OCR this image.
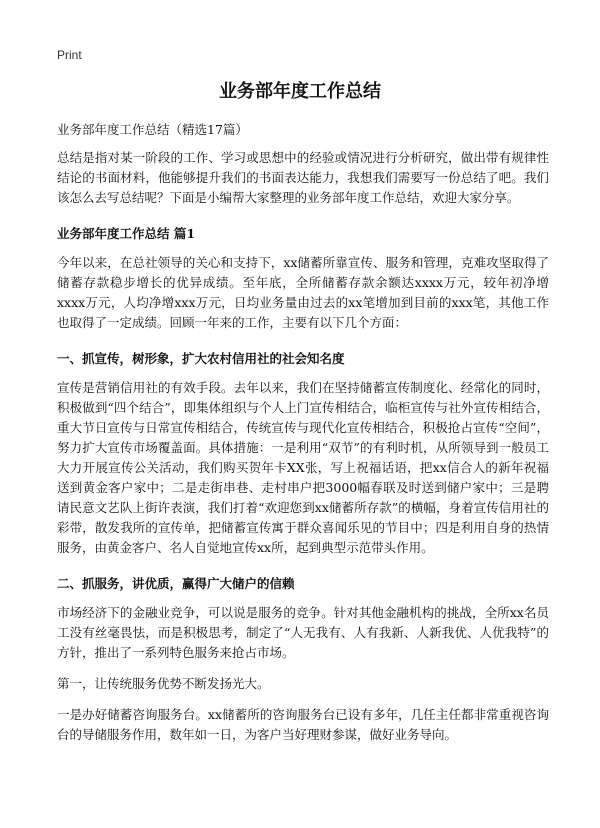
Print
业务部年度工作总结
业务部年度工作总结（精选17篇）

总结是指对某一阶段的工作、学习或思想中的经验或情况进行分析研究，做出带有规律性结论的书面材料，他能够提升我们的书面表达能力，我想我们需要写一份总结了吧。我们该怎么去写总结呢？下面是小编帮大家整理的业务部年度工作总结，欢迎大家分享。

业务部年度工作总结 篇1

今年以来，在总社领导的关心和支持下，xx储蓄所靠宣传、服务和管理，克难攻坚取得了储蓄存款稳步增长的优异成绩。至年底，全所储蓄存款余额达xxxx万元，较年初净增xxxx万元，人均净增xxx万元，日均业务量由过去的xx笔增加到目前的xxx笔，其他工作也取得了一定成绩。回顾一年来的工作，主要有以下几个方面：

一、抓宣传，树形象，扩大农村信用社的社会知名度

宣传是营销信用社的有效手段。去年以来，我们在坚持储蓄宣传制度化、经常化的同时，积极做到“四个结合”，即集体组织与个人上门宣传相结合，临柜宣传与社外宣传相结合，重大节日宣传与日常宣传相结合，传统宣传与现代化宣传相结合，积极抢占宣传“空间”，努力扩大宣传市场覆盖面。具体措施：一是利用“双节”的有利时机，从所领导到一般员工大力开展宣传公关活动，我们购买贺年卡XX张，写上祝福话语，把xx信合人的新年祝福送到黄金客户家中；二是走街串巷、走村串户把3000幅春联及时送到储户家中；三是聘请民意文艺队上街许表演，我们打着“欢迎您到xx储蓄所存款”的横幅，身着宣传信用社的彩带，散发我所的宣传单，把储蓄宣传寓于群众喜闻乐见的节目中；四是利用自身的热情服务，由黄金客户、名人自觉地宣传xx所，起到典型示范带头作用。

二、抓服务，讲优质，赢得广大储户的信赖

市场经济下的金融业竞争，可以说是服务的竞争。针对其他金融机构的挑战，全所xx名员工没有丝毫畏怯，而是积极思考，制定了“人无我有、人有我新、人新我优、人优我特”的方针，推出了一系列特色服务来抢占市场。

第一，让传统服务优势不断发扬光大。

一是办好储蓄咨询服务台。xx储蓄所的咨询服务台已设有多年，几任主任都非常重视咨询台的导储服务作用，数年如一日，为客户当好理财参谋，做好业务导向。
